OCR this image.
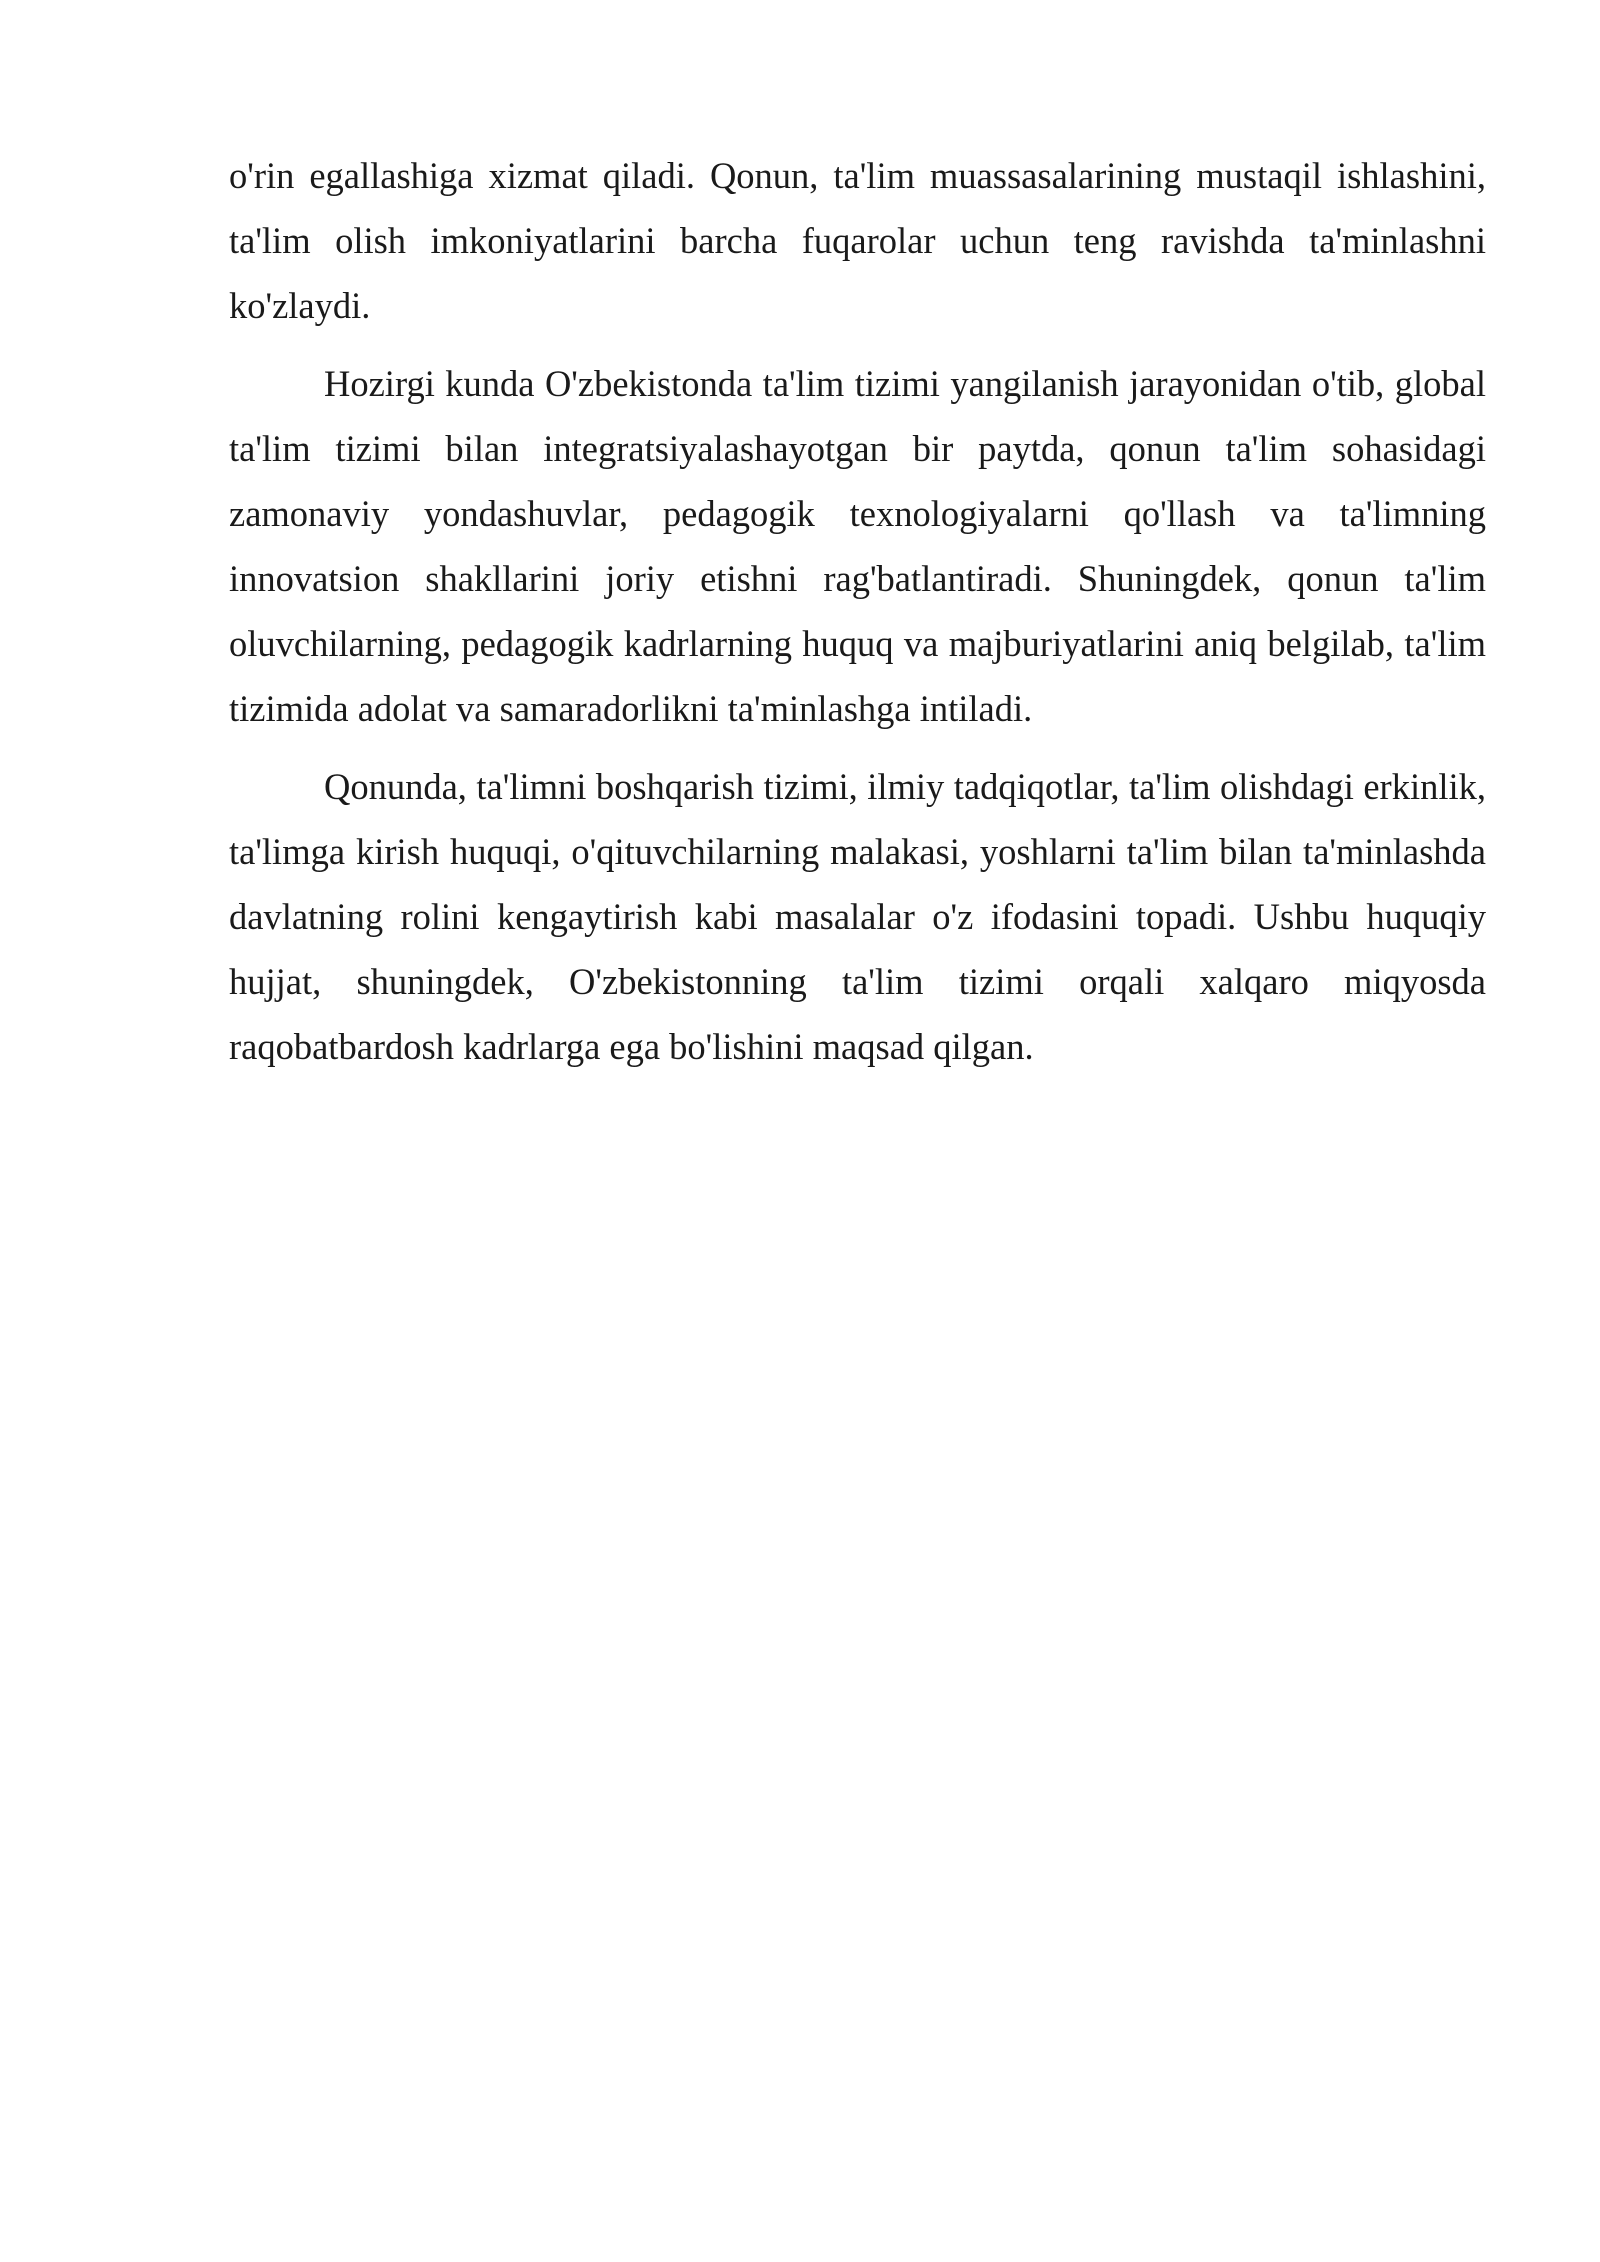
o'rin egallashiga xizmat qiladi. Qonun, ta'lim muassasalarining mustaqil ishlashini, ta'lim olish imkoniyatlarini barcha fuqarolar uchun teng ravishda ta'minlashni ko'zlaydi.

Hozirgi kunda O'zbekistonda ta'lim tizimi yangilanish jarayonidan o'tib, global ta'lim tizimi bilan integratsiyalashayotgan bir paytda, qonun ta'lim sohasidagi zamonaviy yondashuvlar, pedagogik texnologiyalarni qo'llash va ta'limning innovatsion shakllarini joriy etishni rag'batlantiradi. Shuningdek, qonun ta'lim oluvchilarning, pedagogik kadrlarning huquq va majburiyatlarini aniq belgilab, ta'lim tizimida adolat va samaradorlikni ta'minlashga intiladi.

Qonunda, ta'limni boshqarish tizimi, ilmiy tadqiqotlar, ta'lim olishdagi erkinlik, ta'limga kirish huquqi, o'qituvchilarning malakasi, yoshlarni ta'lim bilan ta'minlashda davlatning rolini kengaytirish kabi masalalar o'z ifodasini topadi. Ushbu huquqiy hujjat, shuningdek, O'zbekistonning ta'lim tizimi orqali xalqaro miqyosda raqobatbardosh kadrlarga ega bo'lishini maqsad qilgan.
